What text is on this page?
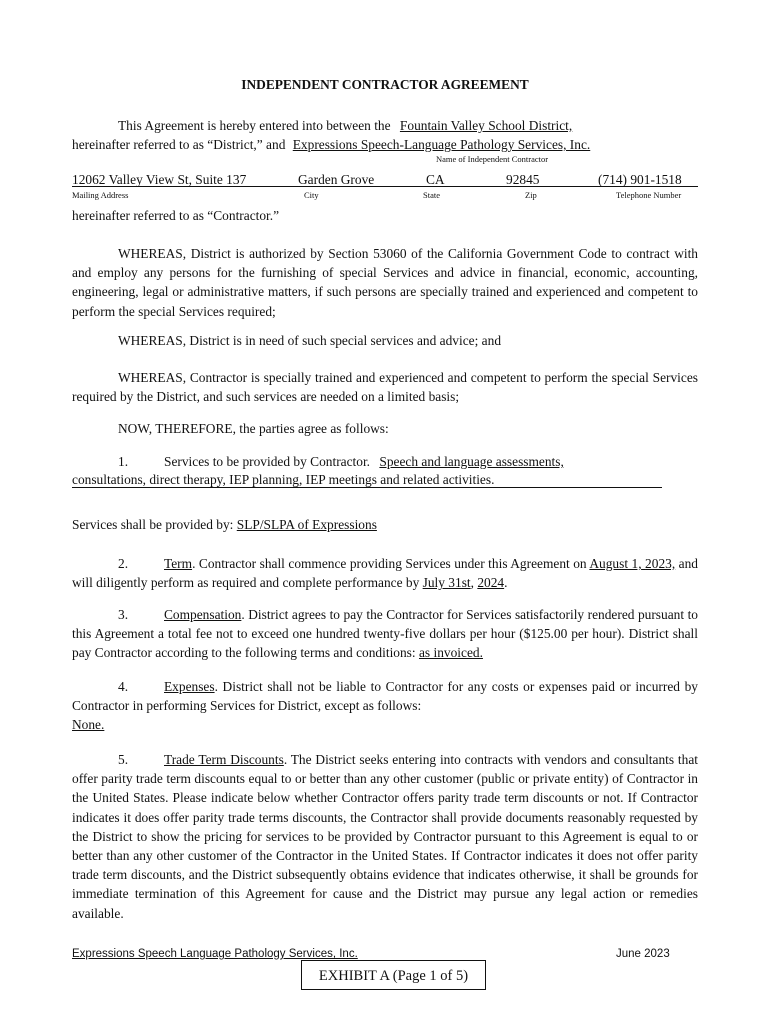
INDEPENDENT CONTRACTOR AGREEMENT
This Agreement is hereby entered into between the Fountain Valley School District,
hereinafter referred to as “District,” and Expressions Speech-Language Pathology Services, Inc.
Name of Independent Contractor
12062 Valley View St, Suite 137	Garden Grove	CA	92845	(714) 901-1518
Mailing Address	City	State	Zip	Telephone Number
hereinafter referred to as “Contractor.”
WHEREAS, District is authorized by Section 53060 of the California Government Code to contract with and employ any persons for the furnishing of special Services and advice in financial, economic, accounting, engineering, legal or administrative matters, if such persons are specially trained and experienced and competent to perform the special Services required;
WHEREAS, District is in need of such special services and advice; and
WHEREAS, Contractor is specially trained and experienced and competent to perform the special Services required by the District, and such services are needed on a limited basis;
NOW, THEREFORE, the parties agree as follows:
1.	Services to be provided by Contractor. Speech and language assessments,
consultations, direct therapy, IEP planning, IEP meetings and related activities.
Services shall be provided by: SLP/SLPA of Expressions
2.	Term. Contractor shall commence providing Services under this Agreement on August 1, 2023, and will diligently perform as required and complete performance by July 31st, 2024.
3.	Compensation. District agrees to pay the Contractor for Services satisfactorily rendered pursuant to this Agreement a total fee not to exceed one hundred twenty-five dollars per hour ($125.00 per hour). District shall pay Contractor according to the following terms and conditions: as invoiced.
4.	Expenses. District shall not be liable to Contractor for any costs or expenses paid or incurred by Contractor in performing Services for District, except as follows:
None.
5.	Trade Term Discounts. The District seeks entering into contracts with vendors and consultants that offer parity trade term discounts equal to or better than any other customer (public or private entity) of Contractor in the United States. Please indicate below whether Contractor offers parity trade term discounts or not. If Contractor indicates it does offer parity trade terms discounts, the Contractor shall provide documents reasonably requested by the District to show the pricing for services to be provided by Contractor pursuant to this Agreement is equal to or better than any other customer of the Contractor in the United States. If Contractor indicates it does not offer parity trade term discounts, and the District subsequently obtains evidence that indicates otherwise, it shall be grounds for immediate termination of this Agreement for cause and the District may pursue any legal action or remedies available.
Expressions Speech Language Pathology Services, Inc.	June 2023
EXHIBIT A (Page 1 of 5)
